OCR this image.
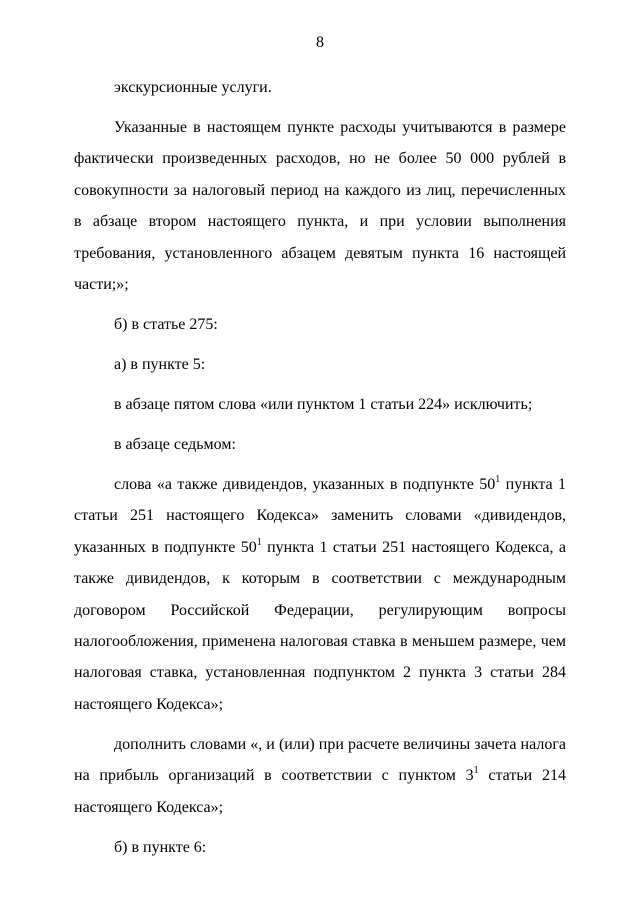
8

экскурсионные услуги.

Указанные в настоящем пункте расходы учитываются в размере фактически произведенных расходов, но не более 50 000 рублей в совокупности за налоговый период на каждого из лиц, перечисленных в абзаце втором настоящего пункта, и при условии выполнения требования, установленного абзацем девятым пункта 16 настоящей части;»;

б) в статье 275:

а) в пункте 5:

в абзаце пятом слова «или пунктом 1 статьи 224» исключить;

в абзаце седьмом:

слова «а также дивидендов, указанных в подпункте $50^1$ пункта 1 статьи 251 настоящего Кодекса» заменить словами «дивидендов, указанных в подпункте $50^1$ пункта 1 статьи 251 настоящего Кодекса, а также дивидендов, к которым в соответствии с международным договором Российской Федерации, регулирующим вопросы налогообложения, применена налоговая ставка в меньшем размере, чем налоговая ставка, установленная подпунктом 2 пункта 3 статьи 284 настоящего Кодекса»;

дополнить словами «, и (или) при расчете величины зачета налога на прибыль организаций в соответствии с пунктом $3^1$ статьи 214 настоящего Кодекса»;

б) в пункте 6:
